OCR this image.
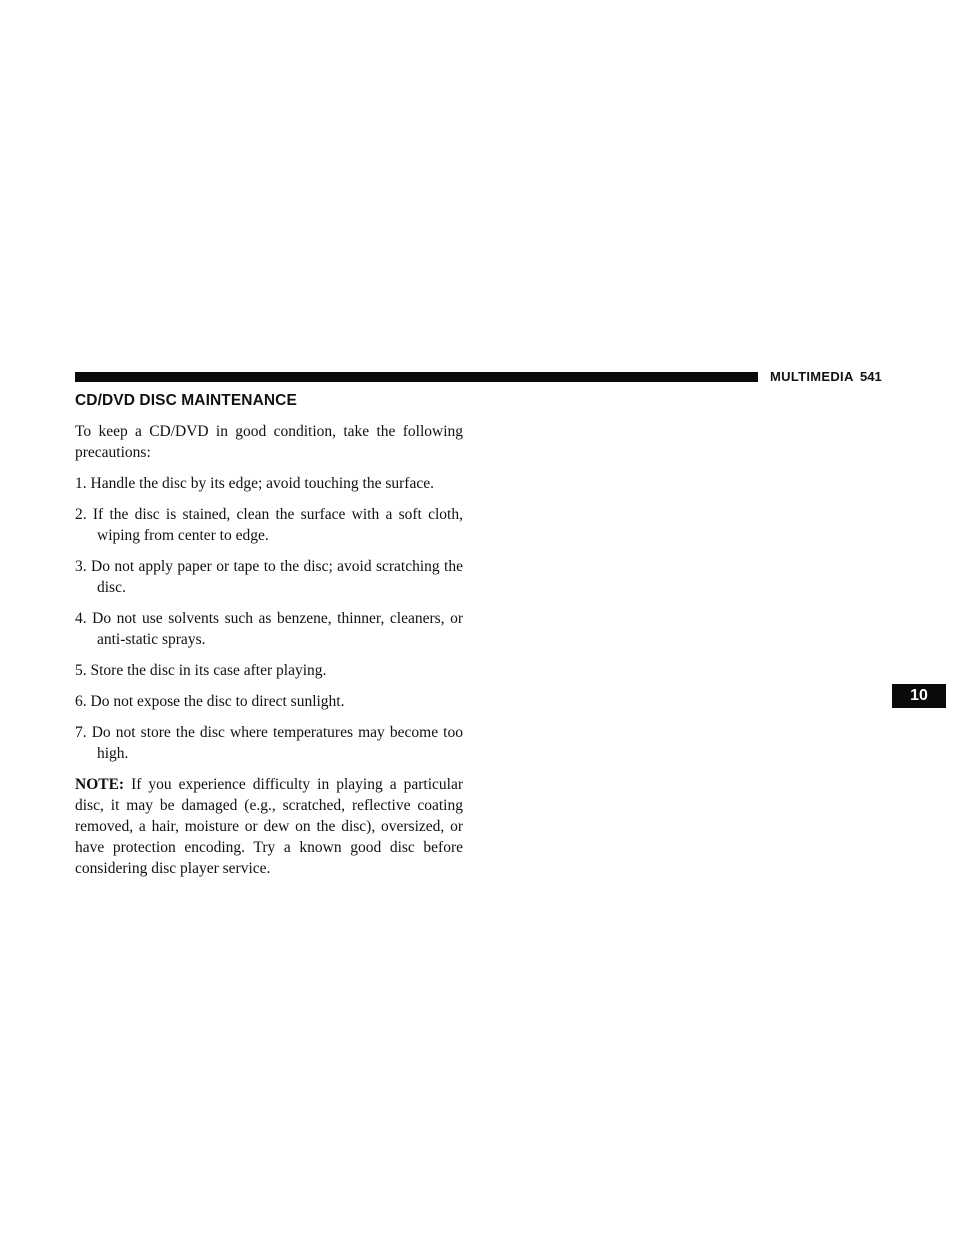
MULTIMEDIA 541
10
CD/DVD DISC MAINTENANCE

To keep a CD/DVD in good condition, take the following precautions:

1. Handle the disc by its edge; avoid touching the surface.
2. If the disc is stained, clean the surface with a soft cloth, wiping from center to edge.
3. Do not apply paper or tape to the disc; avoid scratching the disc.
4. Do not use solvents such as benzene, thinner, cleaners, or anti-static sprays.
5. Store the disc in its case after playing.
6. Do not expose the disc to direct sunlight.
7. Do not store the disc where temperatures may become too high.

NOTE: If you experience difficulty in playing a particular disc, it may be damaged (e.g., scratched, reflective coating removed, a hair, moisture or dew on the disc), oversized, or have protection encoding. Try a known good disc before considering disc player service.
